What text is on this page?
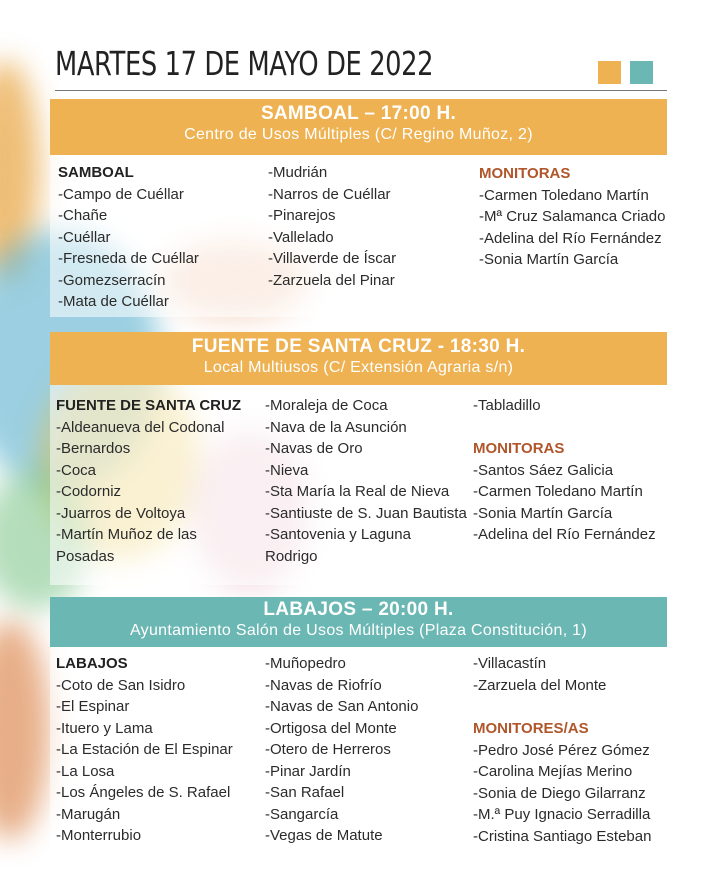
MARTES 17 DE MAYO DE 2022
SAMBOAL – 17:00 H.
Centro de Usos Múltiples (C/ Regino Muñoz, 2)
SAMBOAL
-Campo de Cuéllar
-Chañe
-Cuéllar
-Fresneda de Cuéllar
-Gomezserracín
-Mata de Cuéllar
-Mudrián
-Narros de Cuéllar
-Pinarejos
-Vallelado
-Villaverde de Íscar
-Zarzuela del Pinar
MONITORAS
-Carmen Toledano Martín
-Mª Cruz Salamanca Criado
-Adelina del Río Fernández
-Sonia Martín García
FUENTE DE SANTA CRUZ - 18:30 H.
Local Multiusos (C/ Extensión Agraria s/n)
FUENTE DE SANTA CRUZ
-Aldeanueva del Codonal
-Bernardos
-Coca
-Codorniz
-Juarros de Voltoya
-Martín Muñoz de las Posadas
-Moraleja de Coca
-Nava de la Asunción
-Navas de Oro
-Nieva
-Sta María la Real de Nieva
-Santiuste de S. Juan Bautista
-Santovenia y Laguna Rodrigo
-Tabladillo
MONITORAS
-Santos Sáez Galicia
-Carmen Toledano Martín
-Sonia Martín García
-Adelina del Río Fernández
LABAJOS – 20:00 H.
Ayuntamiento Salón de Usos Múltiples (Plaza Constitución, 1)
LABAJOS
-Coto de San Isidro
-El Espinar
-Ituero y Lama
-La Estación de El Espinar
-La Losa
-Los Ángeles de S. Rafael
-Marugán
-Monterrubio
-Muñopedro
-Navas de Riofrío
-Navas de San Antonio
-Ortigosa del Monte
-Otero de Herreros
-Pinar Jardín
-San Rafael
-Sangarcía
-Vegas de Matute
-Villacastín
-Zarzuela del Monte
MONITORES/AS
-Pedro José Pérez Gómez
-Carolina Mejías Merino
-Sonia de Diego Gilarranz
-M.ª Puy Ignacio Serradilla
-Cristina Santiago Esteban
